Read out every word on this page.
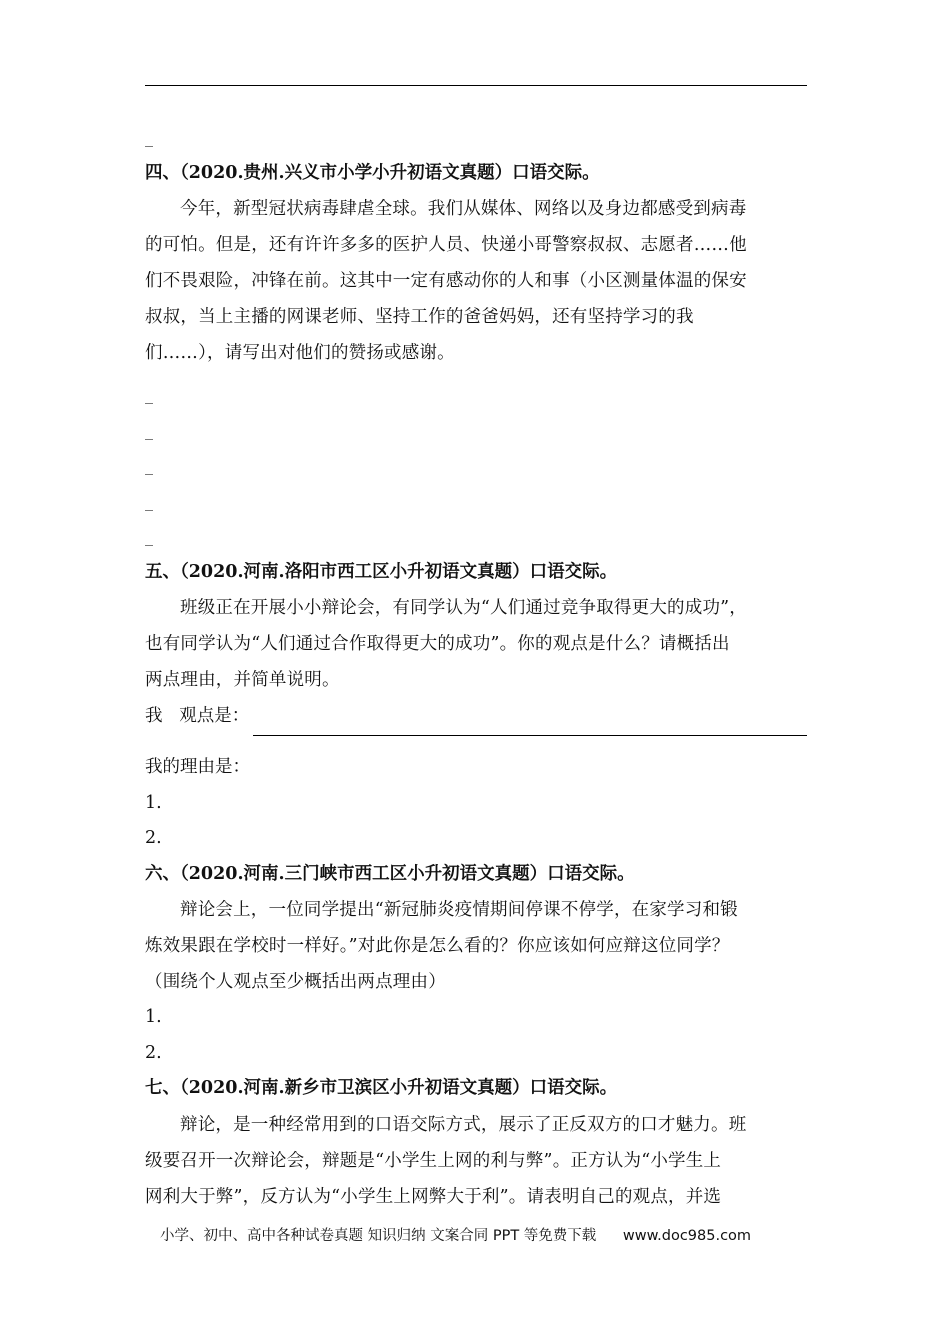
_
四、（2020.贵州.兴义市小学小升初语文真题）口语交际。
今年，新型冠状病毒肆虐全球。我们从媒体、网络以及身边都感受到病毒
的可怕。但是，还有许许多多的医护人员、快递小哥警察叔叔、志愿者……他
们不畏艰险，冲锋在前。这其中一定有感动你的人和事（小区测量体温的保安
叔叔，当上主播的网课老师、坚持工作的爸爸妈妈，还有坚持学习的我
们……），请写出对他们的赞扬或感谢。
_
_
_
_
_
五、（2020.河南.洛阳市西工区小升初语文真题）口语交际。
班级正在开展小小辩论会，有同学认为“人们通过竞争取得更大的成功”，
也有同学认为“人们通过合作取得更大的成功”。你的观点是什么？请概括出
两点理由，并简单说明。
我   观点是：
我的理由是：
1.
2.
六、（2020.河南.三门峡市西工区小升初语文真题）口语交际。
辩论会上，一位同学提出“新冠肺炎疫情期间停课不停学，在家学习和锻
炼效果跟在学校时一样好。”对此你是怎么看的？你应该如何应辩这位同学？
（围绕个人观点至少概括出两点理由）
1.
2.
七、（2020.河南.新乡市卫滨区小升初语文真题）口语交际。
辩论，是一种经常用到的口语交际方式，展示了正反双方的口才魅力。班
级要召开一次辩论会，辩题是“小学生上网的利与弊”。正方认为“小学生上
网利大于弊”，反方认为“小学生上网弊大于利”。请表明自己的观点，并选
小学、初中、高中各种试卷真题 知识归纳 文案合同 PPT 等免费下载 www.doc985.com
